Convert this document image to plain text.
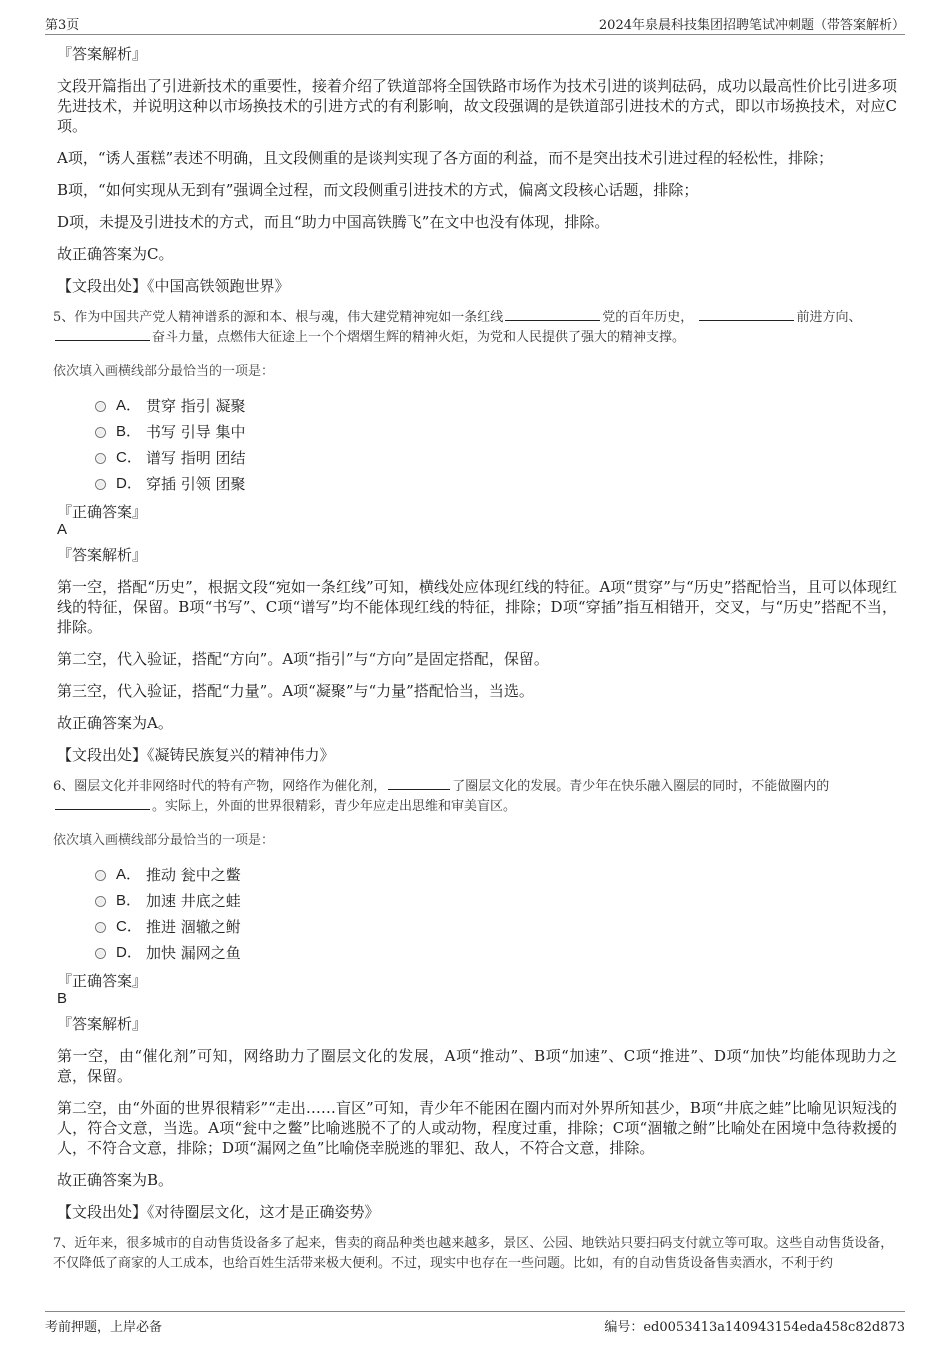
第3页	2024年泉晨科技集团招聘笔试冲刺题（带答案解析）
『答案解析』

文段开篇指出了引进新技术的重要性，接着介绍了铁道部将全国铁路市场作为技术引进的谈判砝码，成功以最高性价比引进多项先进技术，并说明这种以市场换技术的引进方式的有利影响，故文段强调的是铁道部引进技术的方式，即以市场换技术，对应C项。

A项，“诱人蛋糕”表述不明确，且文段侧重的是谈判实现了各方面的利益，而不是突出技术引进过程的轻松性，排除；

B项，“如何实现从无到有”强调全过程，而文段侧重引进技术的方式，偏离文段核心话题，排除；

D项，未提及引进技术的方式，而且“助力中国高铁腾飞”在文中也没有体现，排除。

故正确答案为C。

【文段出处】《中国高铁领跑世界》

5、作为中国共产党人精神谱系的源和本、根与魂，伟大建党精神宛如一条红线	党的百年历史，	前进方向、 奋斗力量，点燃伟大征途上一个个熠熠生辉的精神火炬，为党和人民提供了强大的精神支撑。
依次填入画横线部分最恰当的一项是：
A． 贯穿 指引 凝聚
B． 书写 引导 集中
C． 谱写 指明 团结
D． 穿插 引领 团聚
『正确答案』
A
『答案解析』

第一空，搭配“历史”，根据文段“宛如一条红线”可知，横线处应体现红线的特征。A项“贯穿”与“历史”搭配恰当，且可以体现红线的特征，保留。B项“书写”、C项“谱写”均不能体现红线的特征，排除；D项“穿插”指互相错开，交叉，与“历史”搭配不当，排除。

第二空，代入验证，搭配“方向”。A项“指引”与“方向”是固定搭配，保留。

第三空，代入验证，搭配“力量”。A项“凝聚”与“力量”搭配恰当，当选。

故正确答案为A。

【文段出处】《凝铸民族复兴的精神伟力》

6、圈层文化并非网络时代的特有产物，网络作为催化剂，	了圈层文化的发展。青少年在快乐融入圈层的同时，不能做圈内的 。实际上，外面的世界很精彩，青少年应走出思维和审美盲区。
依次填入画横线部分最恰当的一项是：
A． 推动 瓮中之鳖
B． 加速 井底之蛙
C． 推进 涸辙之鲋
D． 加快 漏网之鱼
『正确答案』
B
『答案解析』

第一空，由“催化剂”可知，网络助力了圈层文化的发展，A项“推动”、B项“加速”、C项“推进”、D项“加快”均能体现助力之意，保留。

第二空，由“外面的世界很精彩”“走出……盲区”可知，青少年不能困在圈内而对外界所知甚少，B项“井底之蛙”比喻见识短浅的人，符合文意，当选。A项“瓮中之鳖”比喻逃脱不了的人或动物，程度过重，排除；C项“涸辙之鲋”比喻处在困境中急待救援的人，不符合文意，排除；D项“漏网之鱼”比喻侥幸脱逃的罪犯、敌人，不符合文意，排除。

故正确答案为B。

【文段出处】《对待圈层文化，这才是正确姿势》

7、近年来，很多城市的自动售货设备多了起来，售卖的商品种类也越来越多，景区、公园、地铁站只要扫码支付就立等可取。这些自动售货设备，不仅降低了商家的人工成本，也给百姓生活带来极大便利。不过，现实中也存在一些问题。比如，有的自动售货设备售卖酒水，不利于约
考前押题，上岸必备	编号：ed0053413a140943154eda458c82d873
